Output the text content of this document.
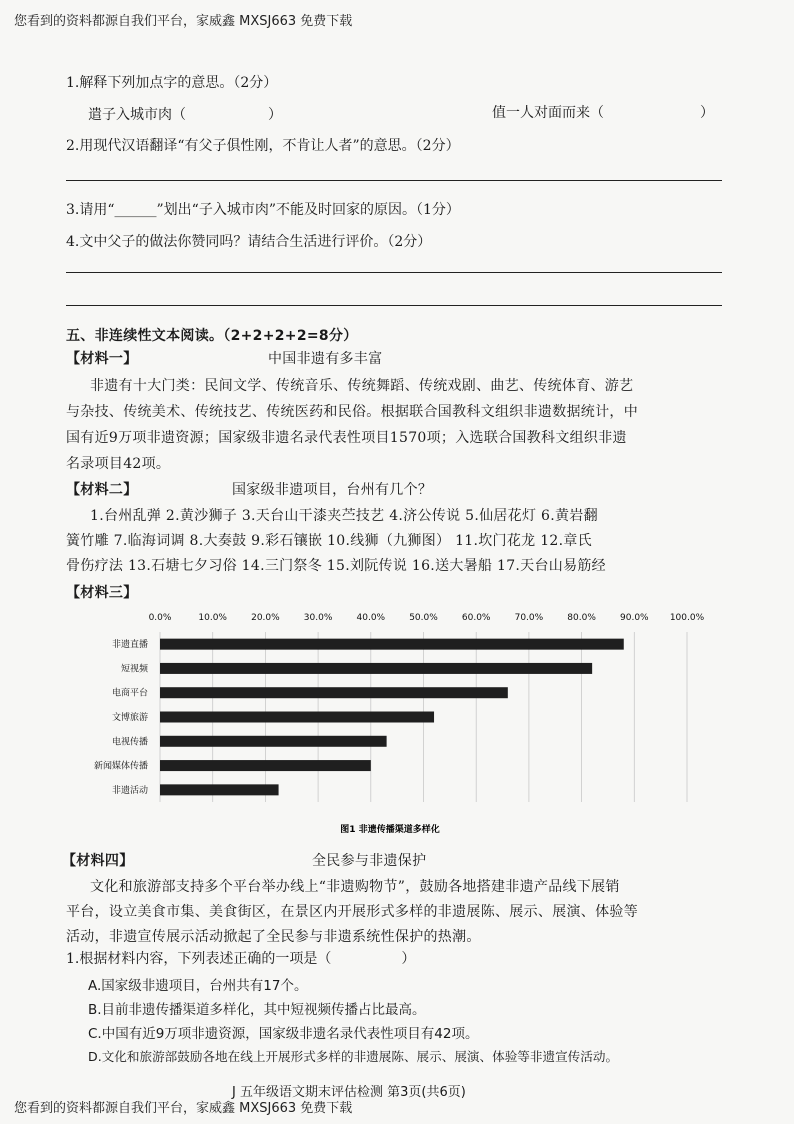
您看到的资料都源自我们平台，家威鑫 MXSJ663 免费下载
1.解释下列加点字的意思。（2分）
遣子入城市肉（	）	值一人对面而来（	）
2.用现代汉语翻译“有父子俱性刚，不肯让人者”的意思。（2分）
3.请用“______”划出“子入城市肉”不能及时回家的原因。（1分）
4.文中父子的做法你赞同吗？请结合生活进行评价。（2分）
五、非连续性文本阅读。（2+2+2+2=8分）
【材料一】	中国非遗有多丰富
非遗有十大门类：民间文学、传统音乐、传统舞蹈、传统戏剧、曲艺、传统体育、游艺
与杂技、传统美术、传统技艺、传统医药和民俗。根据联合国教科文组织非遗数据统计，中
国有近9万项非遗资源；国家级非遗名录代表性项目1570项；入选联合国教科文组织非遗
名录项目42项。
【材料二】	国家级非遗项目，台州有几个？
1.台州乱弹 2.黄沙狮子 3.天台山干漆夹苎技艺 4.济公传说 5.仙居花灯 6.黄岩翻
簧竹雕 7.临海词调 8.大奏鼓 9.彩石镶嵌 10.线狮（九狮图） 11.坎门花龙 12.章氏
骨伤疗法 13.石塘七夕习俗 14.三门祭冬 15.刘阮传说 16.送大暑船 17.天台山易筋经
【材料三】
0.0%	10.0%	20.0%	30.0%	40.0%	50.0%	60.0%	70.0%	80.0%	90.0% 100.0%
非遗直播
短视频
电商平台
文博旅游
电视传播
新闻媒体传播
非遗活动
图1 非遗传播渠道多样化
【材料四】	全民参与非遗保护
文化和旅游部支持多个平台举办线上“非遗购物节”，鼓励各地搭建非遗产品线下展销
平台，设立美食市集、美食街区，在景区内开展形式多样的非遗展陈、展示、展演、体验等
活动，非遗宣传展示活动掀起了全民参与非遗系统性保护的热潮。
1.根据材料内容，下列表述正确的一项是（	）
A.国家级非遗项目，台州共有17个。
B.目前非遗传播渠道多样化，其中短视频传播占比最高。
C.中国有近9万项非遗资源，国家级非遗名录代表性项目有42项。
D.文化和旅游部鼓励各地在线上开展形式多样的非遗展陈、展示、展演、体验等非遗宣传活动。
J 五年级语文期末评估检测 第3页(共6页)
您看到的资料都源自我们平台，家威鑫 MXSJ663 免费下载
